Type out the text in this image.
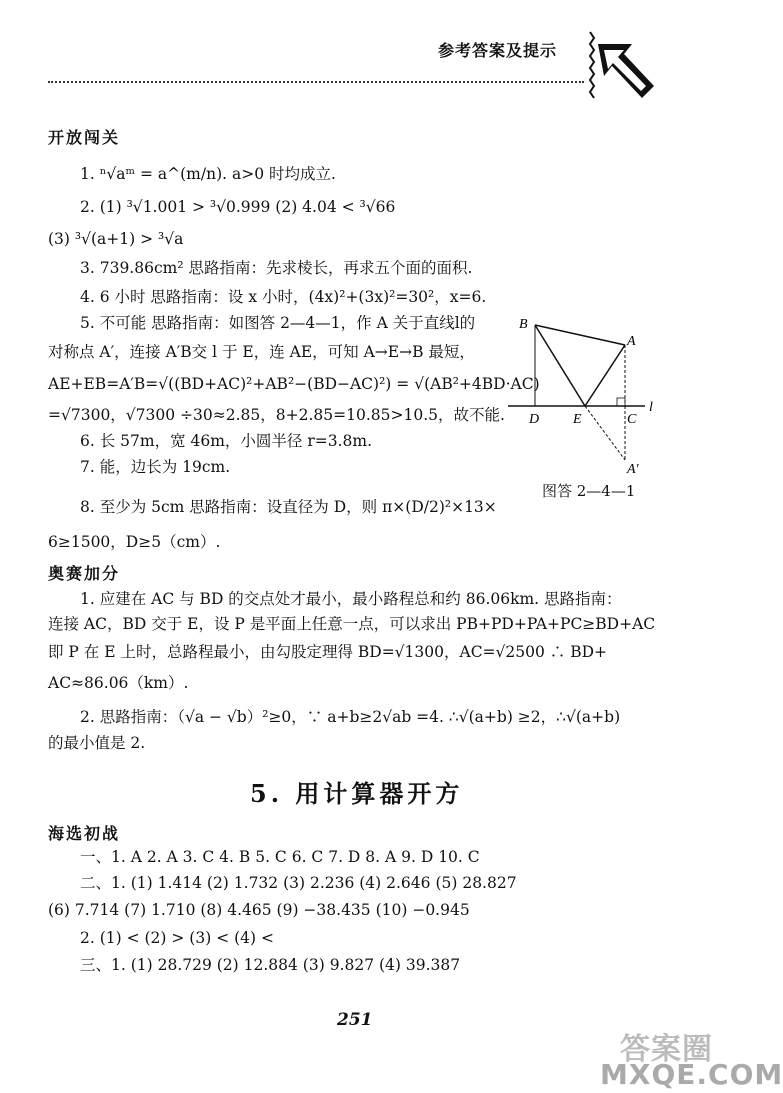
参考答案及提示
开放闯关
1. ⁿ√aᵐ = a^(m/n). a>0 时均成立.
2. (1) ³√1.001 > ³√0.999 (2) 4.04 < ³√66
(3) ³√(a+1) > ³√a
3. 739.86cm² 思路指南：先求棱长，再求五个面的面积.
4. 6 小时 思路指南：设 x 小时，(4x)²+(3x)²=30²，x=6.
5. 不可能 思路指南：如图答 2—4—1，作 A 关于直线l的
对称点 A′，连接 A′B交 l 于 E，连 AE，可知 A→E→B 最短，
AE+EB=A′B=√((BD+AC)²+AB²−(BD−AC)²) = √(AB²+4BD·AC)
=√7300，√7300 ÷30≈2.85，8+2.85=10.85>10.5，故不能.
6. 长 57m，宽 46m，小圆半径 r=3.8m.
7. 能，边长为 19cm.
8. 至少为 5cm 思路指南：设直径为 D，则 π×(D/2)²×13×
6≥1500，D≥5（cm）.
B
A
D E	C
l
A′
图答 2—4—1
奥赛加分
1. 应建在 AC 与 BD 的交点处才最小，最小路程总和约 86.06km. 思路指南：
连接 AC，BD 交于 E，设 P 是平面上任意一点，可以求出 PB+PD+PA+PC≥BD+AC
即 P 在 E 上时，总路程最小，由勾股定理得 BD=√1300，AC=√2500 ∴ BD+
AC≈86.06（km）.
2. 思路指南：（√a − √b）²≥0，∵ a+b≥2√ab =4. ∴√(a+b) ≥2，∴√(a+b)
的最小值是 2.
5. 用计算器开方
海选初战
一、1. A 2. A 3. C 4. B 5. C 6. C 7. D 8. A 9. D 10. C
二、1. (1) 1.414 (2) 1.732 (3) 2.236 (4) 2.646 (5) 28.827
(6) 7.714 (7) 1.710 (8) 4.465 (9) −38.435 (10) −0.945
2. (1) < (2) > (3) < (4) <
三、1. (1) 28.729 (2) 12.884 (3) 9.827 (4) 39.387
251
答案圈
MXQE.COM
